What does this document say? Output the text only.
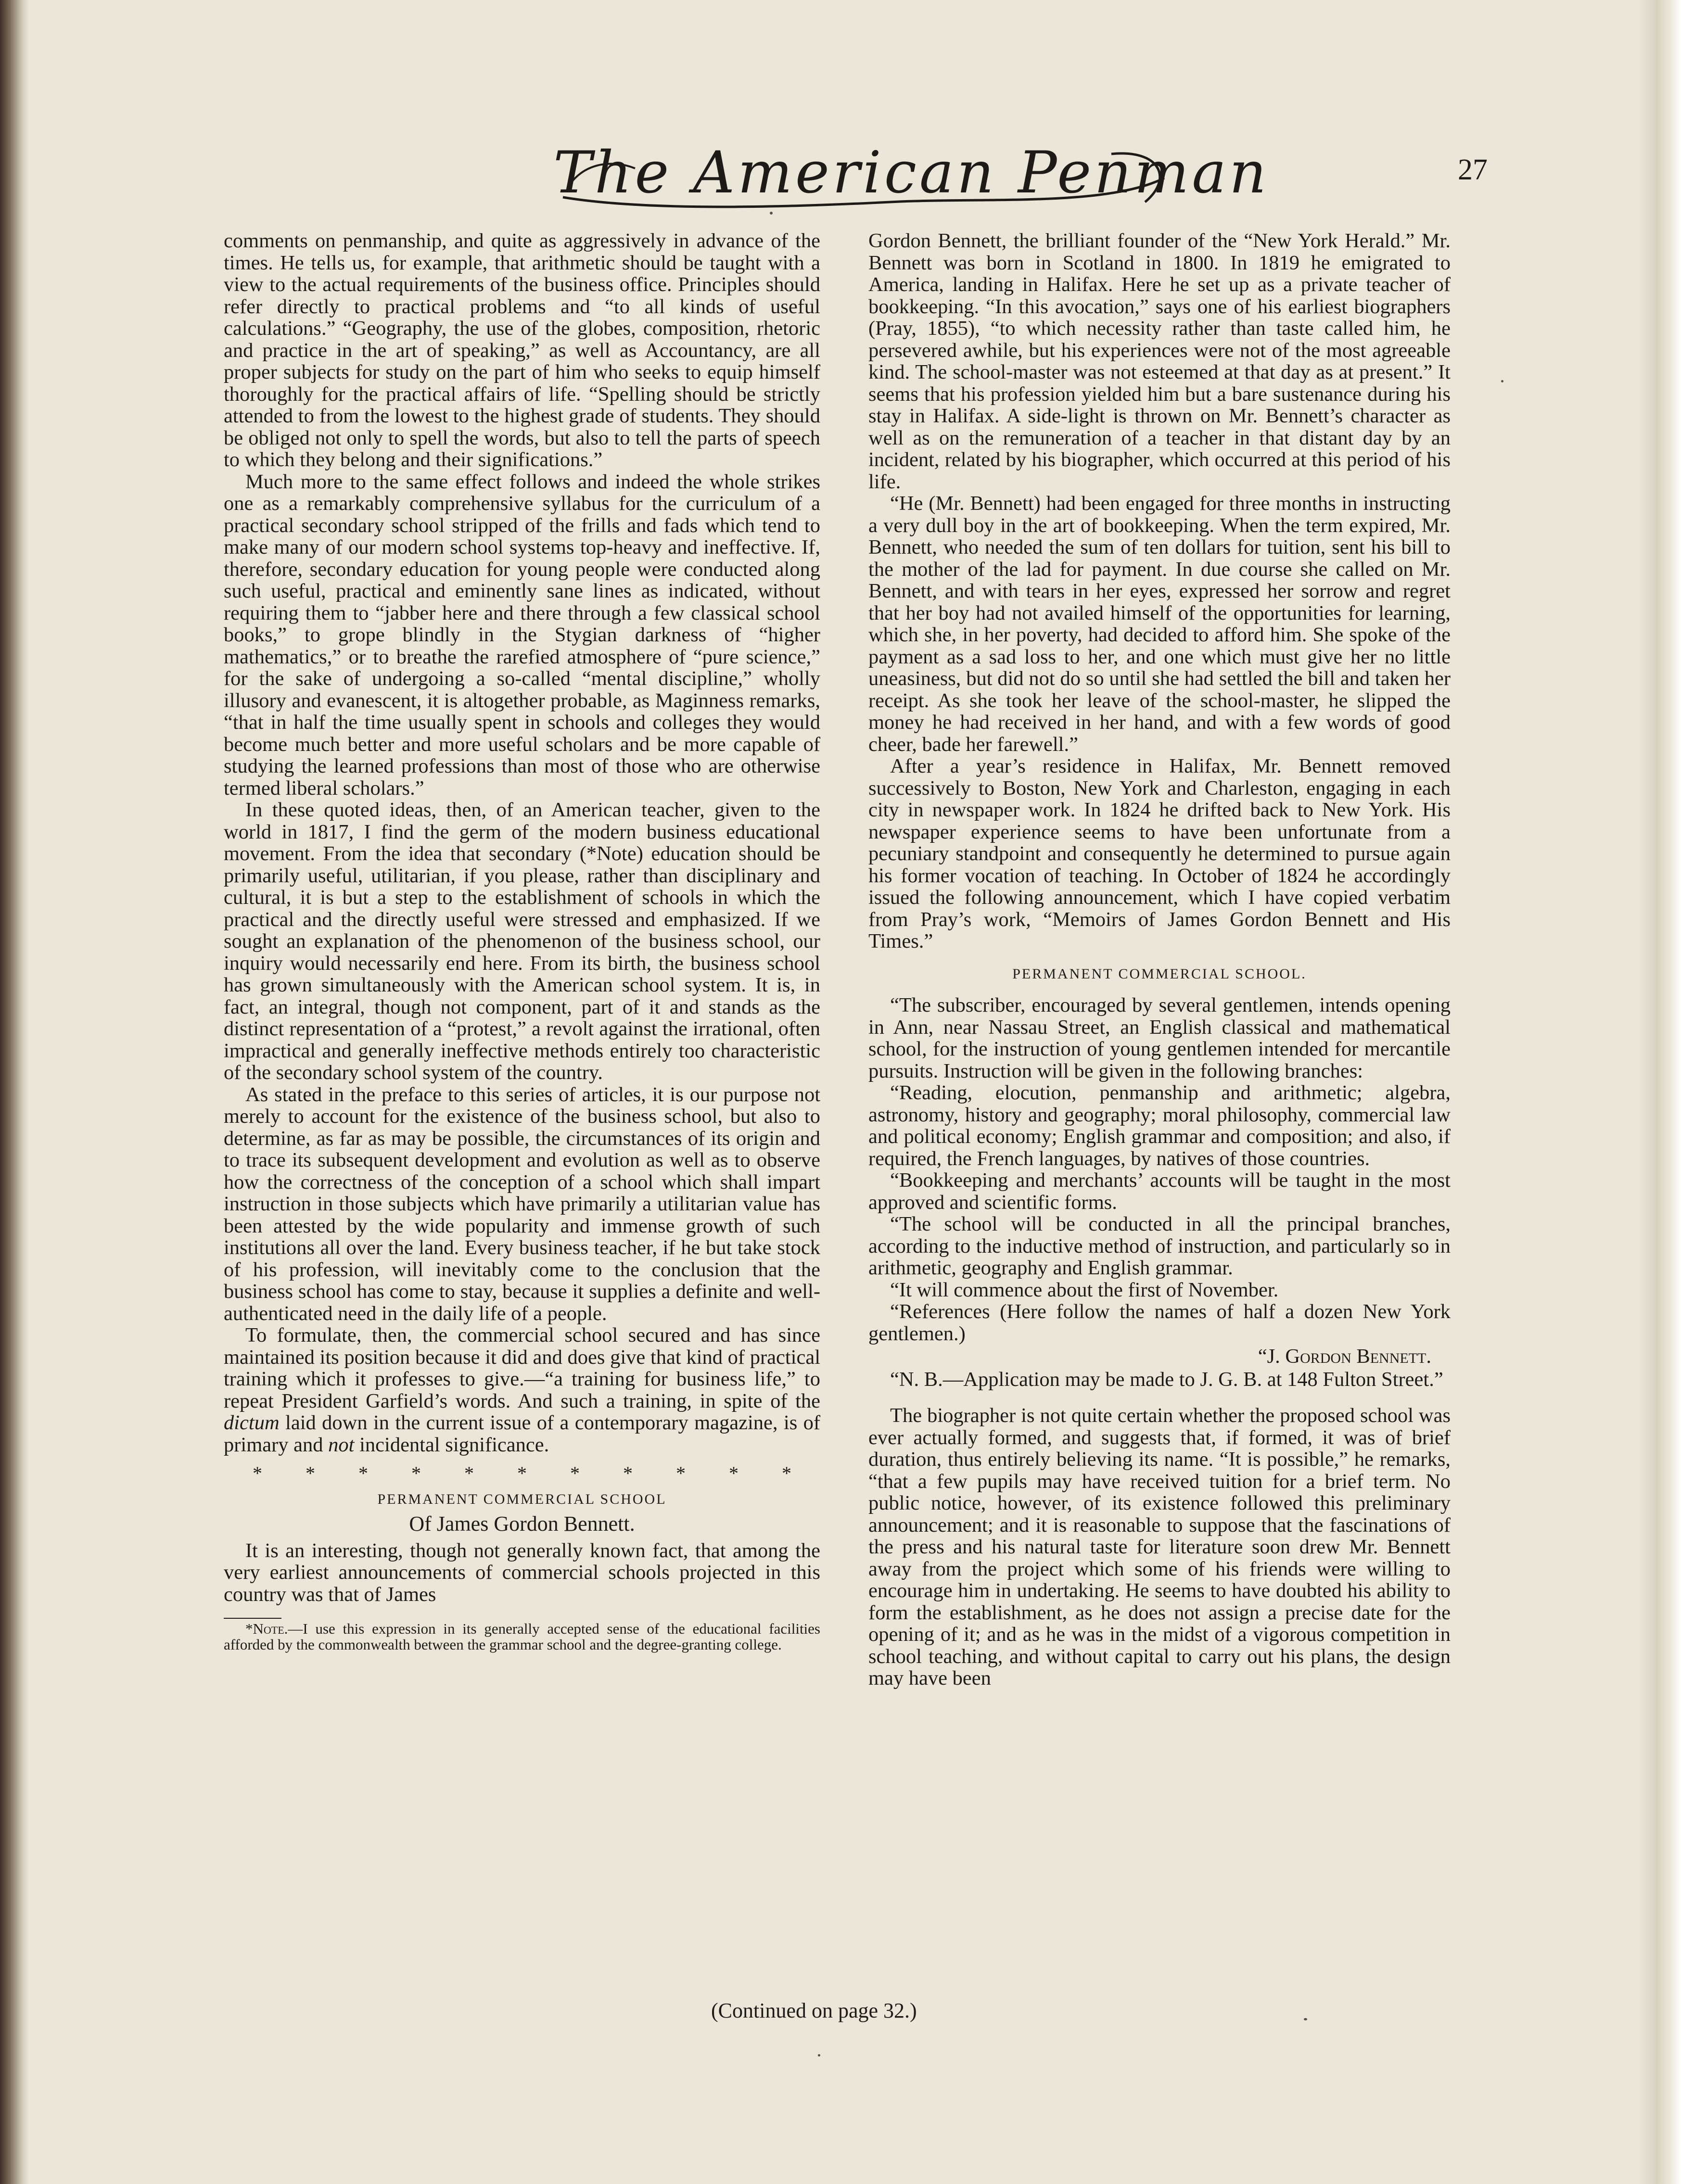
The American Penman	27

comments on penmanship, and quite as aggressively in advance of the times. He tells us, for example, that arithmetic should be taught with a view to the actual requirements of the business office. Principles should refer directly to practical problems and “to all kinds of useful calculations.” “Geography, the use of the globes, composition, rhetoric and practice in the art of speaking,” as well as Accountancy, are all proper subjects for study on the part of him who seeks to equip himself thoroughly for the practical affairs of life. “Spelling should be strictly attended to from the lowest to the highest grade of students. They should be obliged not only to spell the words, but also to tell the parts of speech to which they belong and their significations.”

Much more to the same effect follows and indeed the whole strikes one as a remarkably comprehensive syllabus for the curriculum of a practical secondary school stripped of the frills and fads which tend to make many of our modern school systems top-heavy and ineffective. If, therefore, secondary education for young people were conducted along such useful, practical and eminently sane lines as indicated, without requiring them to “jabber here and there through a few classical school books,” to grope blindly in the Stygian darkness of “higher mathematics,” or to breathe the rarefied atmosphere of “pure science,” for the sake of undergoing a so-called “mental discipline,” wholly illusory and evanescent, it is altogether probable, as Maginness remarks, “that in half the time usually spent in schools and colleges they would become much better and more useful scholars and be more capable of studying the learned professions than most of those who are otherwise termed liberal scholars.”

In these quoted ideas, then, of an American teacher, given to the world in 1817, I find the germ of the modern business educational movement. From the idea that secondary (*Note) education should be primarily useful, utilitarian, if you please, rather than disciplinary and cultural, it is but a step to the establishment of schools in which the practical and the directly useful were stressed and emphasized. If we sought an explanation of the phenomenon of the business school, our inquiry would necessarily end here. From its birth, the business school has grown simultaneously with the American school system. It is, in fact, an integral, though not component, part of it and stands as the distinct representation of a “protest,” a revolt against the irrational, often impractical and generally ineffective methods entirely too characteristic of the secondary school system of the country.

As stated in the preface to this series of articles, it is our purpose not merely to account for the existence of the business school, but also to determine, as far as may be possible, the circumstances of its origin and to trace its subsequent development and evolution as well as to observe how the correctness of the conception of a school which shall impart instruction in those subjects which have primarily a utilitarian value has been attested by the wide popularity and immense growth of such institutions all over the land. Every business teacher, if he but take stock of his profession, will inevitably come to the conclusion that the business school has come to stay, because it supplies a definite and well-authenticated need in the daily life of a people.

To formulate, then, the commercial school secured and has since maintained its position because it did and does give that kind of practical training which it professes to give.—“a training for business life,” to repeat President Garfield’s words. And such a training, in spite of the dictum laid down in the current issue of a contemporary magazine, is of primary and not incidental significance.

* * * * * * * * * * *
PERMANENT COMMERCIAL SCHOOL
Of James Gordon Bennett.

It is an interesting, though not generally known fact, that among the very earliest announcements of commercial schools projected in this country was that of James

*Note.—I use this expression in its generally accepted sense of the educational facilities afforded by the commonwealth between the grammar school and the degree-granting college.

Gordon Bennett, the brilliant founder of the “New York Herald.” Mr. Bennett was born in Scotland in 1800. In 1819 he emigrated to America, landing in Halifax. Here he set up as a private teacher of bookkeeping. “In this avocation,” says one of his earliest biographers (Pray, 1855), “to which necessity rather than taste called him, he persevered awhile, but his experiences were not of the most agreeable kind. The school-master was not esteemed at that day as at present.” It seems that his profession yielded him but a bare sustenance during his stay in Halifax. A side-light is thrown on Mr. Bennett’s character as well as on the remuneration of a teacher in that distant day by an incident, related by his biographer, which occurred at this period of his life.

“He (Mr. Bennett) had been engaged for three months in instructing a very dull boy in the art of bookkeeping. When the term expired, Mr. Bennett, who needed the sum of ten dollars for tuition, sent his bill to the mother of the lad for payment. In due course she called on Mr. Bennett, and with tears in her eyes, expressed her sorrow and regret that her boy had not availed himself of the opportunities for learning, which she, in her poverty, had decided to afford him. She spoke of the payment as a sad loss to her, and one which must give her no little uneasiness, but did not do so until she had settled the bill and taken her receipt. As she took her leave of the school-master, he slipped the money he had received in her hand, and with a few words of good cheer, bade her farewell.”

After a year’s residence in Halifax, Mr. Bennett removed successively to Boston, New York and Charleston, engaging in each city in newspaper work. In 1824 he drifted back to New York. His newspaper experience seems to have been unfortunate from a pecuniary standpoint and consequently he determined to pursue again his former vocation of teaching. In October of 1824 he accordingly issued the following announcement, which I have copied verbatim from Pray’s work, “Memoirs of James Gordon Bennett and His Times.”

PERMANENT COMMERCIAL SCHOOL.

“The subscriber, encouraged by several gentlemen, intends opening in Ann, near Nassau Street, an English classical and mathematical school, for the instruction of young gentlemen intended for mercantile pursuits. Instruction will be given in the following branches:

“Reading, elocution, penmanship and arithmetic; algebra, astronomy, history and geography; moral philosophy, commercial law and political economy; English grammar and composition; and also, if required, the French languages, by natives of those countries.

“Bookkeeping and merchants’ accounts will be taught in the most approved and scientific forms.

“The school will be conducted in all the principal branches, according to the inductive method of instruction, and particularly so in arithmetic, geography and English grammar.

“It will commence about the first of November.

“References (Here follow the names of half a dozen New York gentlemen.)

“J. Gordon Bennett.

“N. B.—Application may be made to J. G. B. at 148 Fulton Street.”

The biographer is not quite certain whether the proposed school was ever actually formed, and suggests that, if formed, it was of brief duration, thus entirely believing its name. “It is possible,” he remarks, “that a few pupils may have received tuition for a brief term. No public notice, however, of its existence followed this preliminary announcement; and it is reasonable to suppose that the fascinations of the press and his natural taste for literature soon drew Mr. Bennett away from the project which some of his friends were willing to encourage him in undertaking. He seems to have doubted his ability to form the establishment, as he does not assign a precise date for the opening of it; and as he was in the midst of a vigorous competition in school teaching, and without capital to carry out his plans, the design may have been

(Continued on page 32.)
